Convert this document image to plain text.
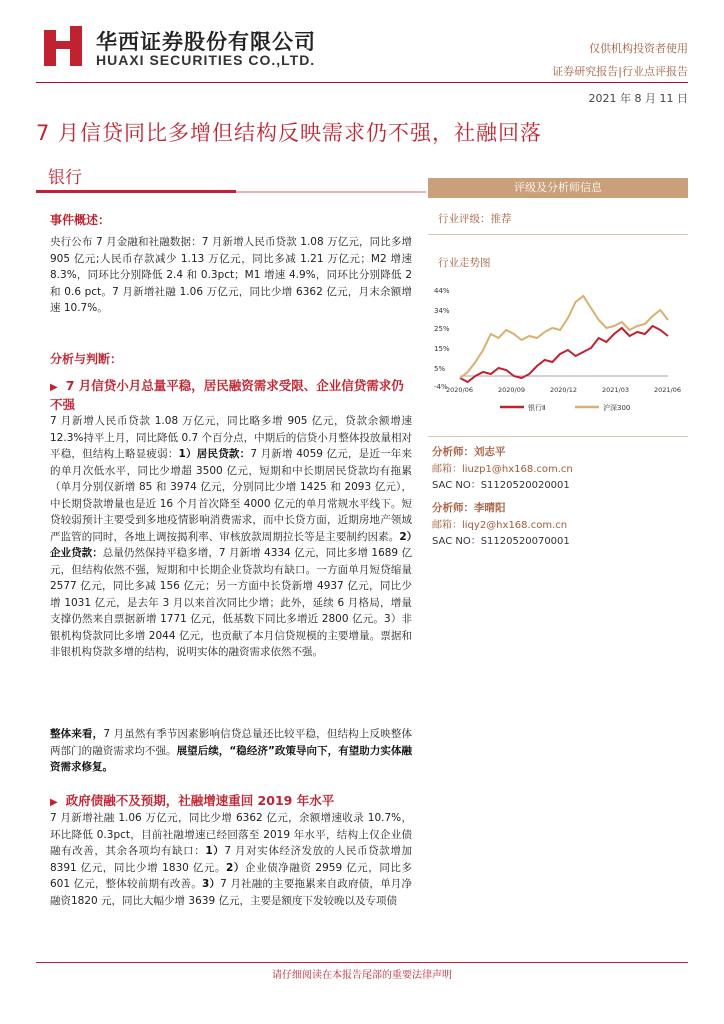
华西证券股份有限公司
HUAXI SECURITIES CO.,LTD.
仅供机构投资者使用
证券研究报告|行业点评报告
2021 年 8 月 11 日
7 月信贷同比多增但结构反映需求仍不强，社融回落
银行
事件概述：
央行公布 7 月金融和社融数据：7 月新增人民币贷款 1.08 万亿元，同比多增 905 亿元;人民币存款减少 1.13 万亿元，同比多减 1.21 万亿元；M2 增速 8.3%，同环比分别降低 2.4 和 0.3pct；M1 增速 4.9%，同环比分别降低 2 和 0.6 pct。7 月新增社融 1.06 万亿元，同比少增 6362 亿元，月末余额增速 10.7%。
分析与判断：
▶ 7 月信贷小月总量平稳，居民融资需求受限、企业信贷需求仍不强
7 月新增人民币贷款 1.08 万亿元，同比略多增 905 亿元，贷款余额增速 12.3%持平上月，同比降低 0.7 个百分点，中期后的信贷小月整体投放量相对平稳，但结构上略显疲弱：1）居民贷款：7 月新增 4059 亿元，是近一年来的单月次低水平，同比少增超 3500 亿元，短期和中长期居民贷款均有拖累（单月分别仅新增 85 和 3974 亿元，分别同比少增 1425 和 2093 亿元），中长期贷款增量也是近 16 个月首次降至 4000 亿元的单月常规水平线下。短贷较弱预计主要受到多地疫情影响消费需求，而中长贷方面，近期房地产领域严监管的同时，各地上调按揭利率、审核放款周期拉长等是主要制约因素。2）企业贷款：总量仍然保持平稳多增，7 月新增 4334 亿元，同比多增 1689 亿元，但结构依然不强，短期和中长期企业贷款均有缺口。一方面单月短贷缩量 2577 亿元，同比多减 156 亿元；另一方面中长贷新增 4937 亿元，同比少增 1031 亿元，是去年 3 月以来首次同比少增；此外，延续 6 月格局，增量支撑仍然来自票据新增 1771 亿元，低基数下同比多增近 2800 亿元。3）非银机构贷款同比多增 2044 亿元，也贡献了本月信贷规模的主要增量。票据和非银机构贷款多增的结构，说明实体的融资需求依然不强。
整体来看，7 月虽然有季节因素影响信贷总量还比较平稳，但结构上反映整体两部门的融资需求均不强。展望后续，“稳经济”政策导向下，有望助力实体融资需求修复。
▶ 政府债融不及预期，社融增速重回 2019 年水平
7 月新增社融 1.06 万亿元，同比少增 6362 亿元，余额增速收录 10.7%，环比降低 0.3pct，目前社融增速已经回落至 2019 年水平，结构上仅企业债融有改善，其余各项均有缺口：1）7 月对实体经济发放的人民币贷款增加 8391 亿元，同比少增 1830 亿元。2）企业债净融资 2959 亿元，同比多 601 亿元，整体较前期有改善。3）7 月社融的主要拖累来自政府债，单月净融资1820 元，同比大幅少增 3639 亿元，主要是额度下发较晚以及专项债
评级及分析师信息
行业评级：推荐
行业走势图
44%
34%
25%
15%
5%
-4%
2020/06	2020/09	2020/12	2021/03	2021/06
银行Ⅱ	沪深300
分析师：刘志平
邮箱：liuzp1@hx168.com.cn
SAC NO：S1120520020001
分析师：李晴阳
邮箱：liqy2@hx168.com.cn
SAC NO：S1120520070001
请仔细阅读在本报告尾部的重要法律声明
